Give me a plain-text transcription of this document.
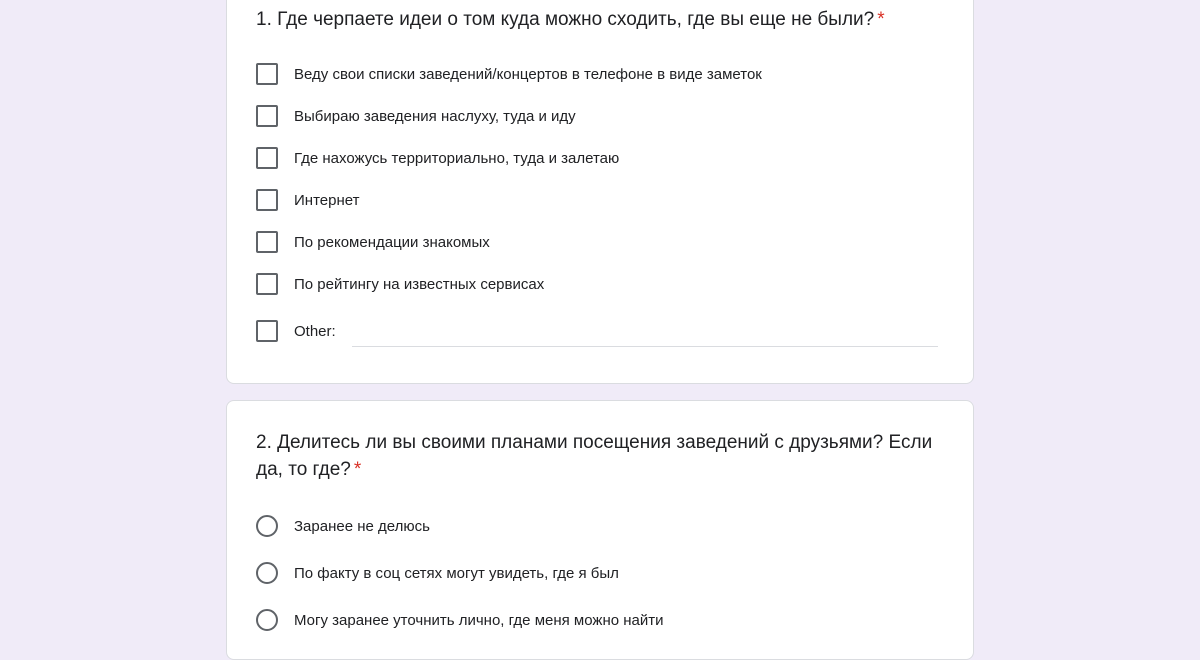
1. Где черпаете идеи о том куда можно сходить, где вы еще не были? *
Веду свои списки заведений/концертов в телефоне в виде заметок
Выбираю заведения наслуху, туда и иду
Где нахожусь территориально, туда и залетаю
Интернет
По рекомендации знакомых
По рейтингу на известных сервисах
Other:
2. Делитесь ли вы своими планами посещения заведений с друзьями? Если да, то где? *
Заранее не делюсь
По факту в соц сетях могут увидеть, где я был
Могу заранее уточнить лично, где меня можно найти
